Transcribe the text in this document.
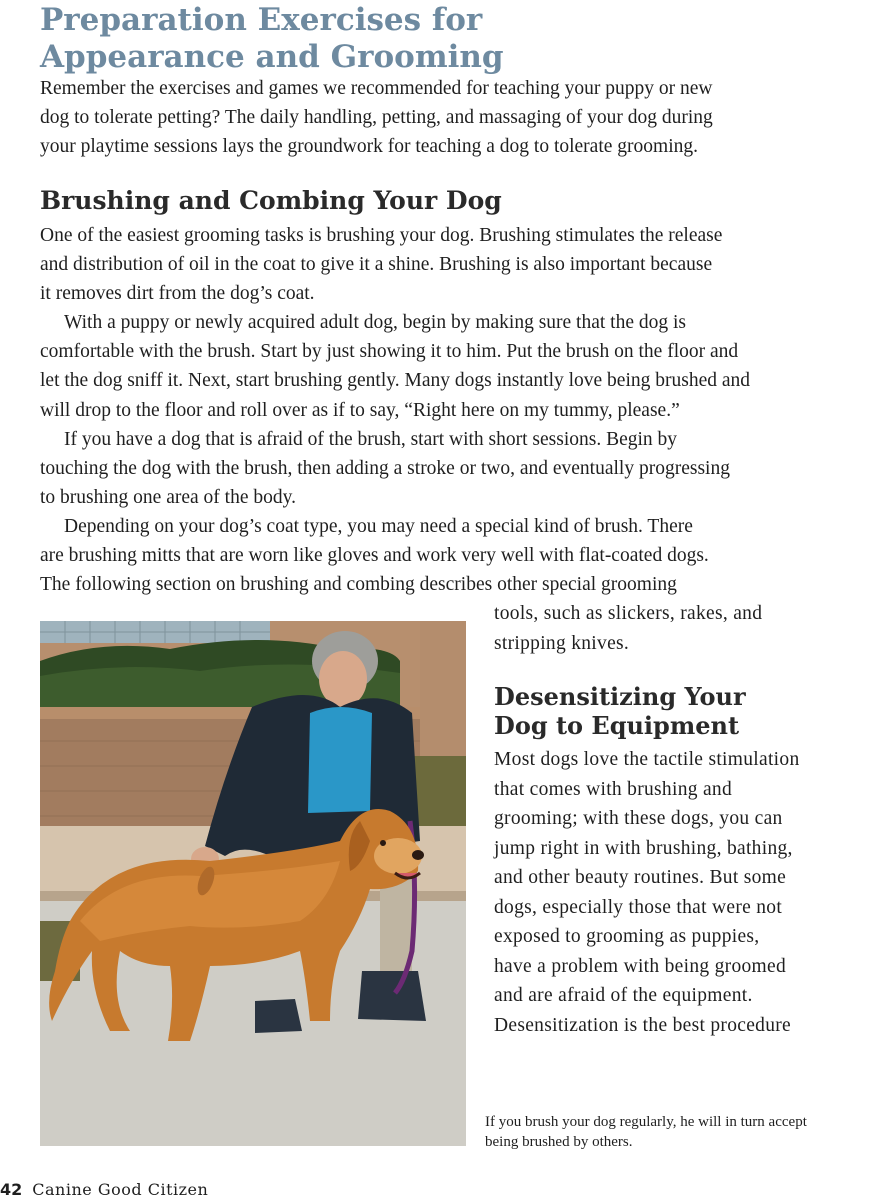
Preparation Exercises for
Appearance and Grooming
Remember the exercises and games we recommended for teaching your puppy or new
dog to tolerate petting? The daily handling, petting, and massaging of your dog during
your playtime sessions lays the groundwork for teaching a dog to tolerate grooming.
Brushing and Combing Your Dog
One of the easiest grooming tasks is brushing your dog. Brushing stimulates the release
and distribution of oil in the coat to give it a shine. Brushing is also important because
it removes dirt from the dog’s coat.
With a puppy or newly acquired adult dog, begin by making sure that the dog is
comfortable with the brush. Start by just showing it to him. Put the brush on the floor and
let the dog sniff it. Next, start brushing gently. Many dogs instantly love being brushed and
will drop to the floor and roll over as if to say, “Right here on my tummy, please.”
If you have a dog that is afraid of the brush, start with short sessions. Begin by
touching the dog with the brush, then adding a stroke or two, and eventually progressing
to brushing one area of the body.
Depending on your dog’s coat type, you may need a special kind of brush. There
are brushing mitts that are worn like gloves and work very well with flat-coated dogs.
The following section on brushing and combing describes other special grooming
tools, such as slickers, rakes, and
stripping knives.
Desensitizing Your
Dog to Equipment
Most dogs love the tactile stimulation
that comes with brushing and
grooming; with these dogs, you can
jump right in with brushing, bathing,
and other beauty routines. But some
dogs, especially those that were not
exposed to grooming as puppies,
have a problem with being groomed
and are afraid of the equipment.
Desensitization is the best procedure
If you brush your dog regularly, he will in turn accept
being brushed by others.
42 Canine Good Citizen
